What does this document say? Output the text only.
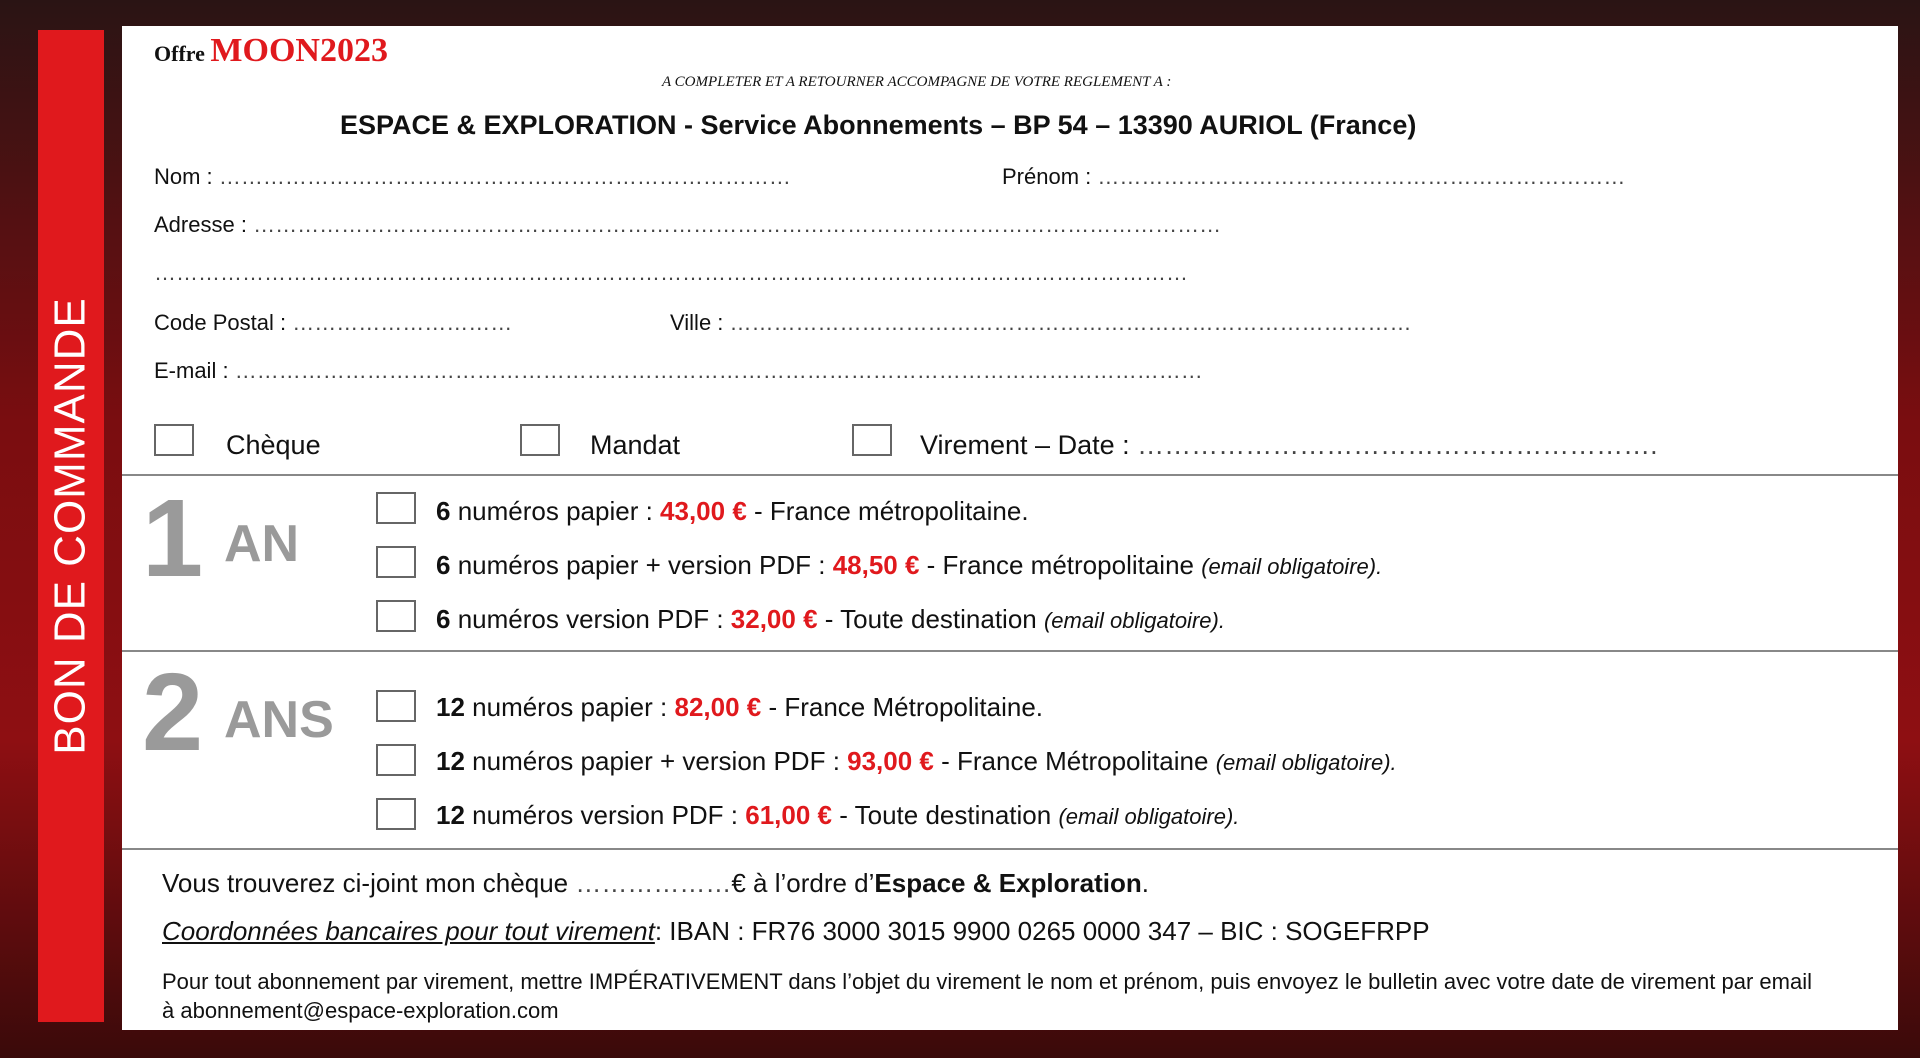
BON DE COMMANDE
Offre MOON2023
A COMPLETER ET A RETOURNER ACCOMPAGNE DE VOTRE REGLEMENT A :
ESPACE & EXPLORATION - Service Abonnements – BP 54 – 13390 AURIOL (France)
Nom : ……………………………………………………………………	Prénom : ………………………………………………………………
Adresse : ……………………………………………………………………………………………………………………
……………………………………………………………………………………………………………………………
Code Postal : …………………………	Ville : …………………………………………………………………………………
E-mail : ……………………………………………………………………………………………………………………
Chèque	Mandat	Virement – Date : ………………………………………………….
1 AN
6 numéros papier : 43,00 € - France métropolitaine.
6 numéros papier + version PDF : 48,50 € - France métropolitaine (email obligatoire).
6 numéros version PDF : 32,00 € - Toute destination (email obligatoire).
2 ANS	12 numéros papier : 82,00 € - France Métropolitaine.
12 numéros papier + version PDF : 93,00 € - France Métropolitaine (email obligatoire).
12 numéros version PDF : 61,00 € - Toute destination (email obligatoire).
Vous trouverez ci-joint mon chèque ………………€ à l’ordre d’Espace & Exploration.
Coordonnées bancaires pour tout virement: IBAN : FR76 3000 3015 9900 0265 0000 347 – BIC : SOGEFRPP
Pour tout abonnement par virement, mettre IMPÉRATIVEMENT dans l’objet du virement le nom et prénom, puis envoyez le bulletin avec votre date de virement par email à abonnement@espace-exploration.com
